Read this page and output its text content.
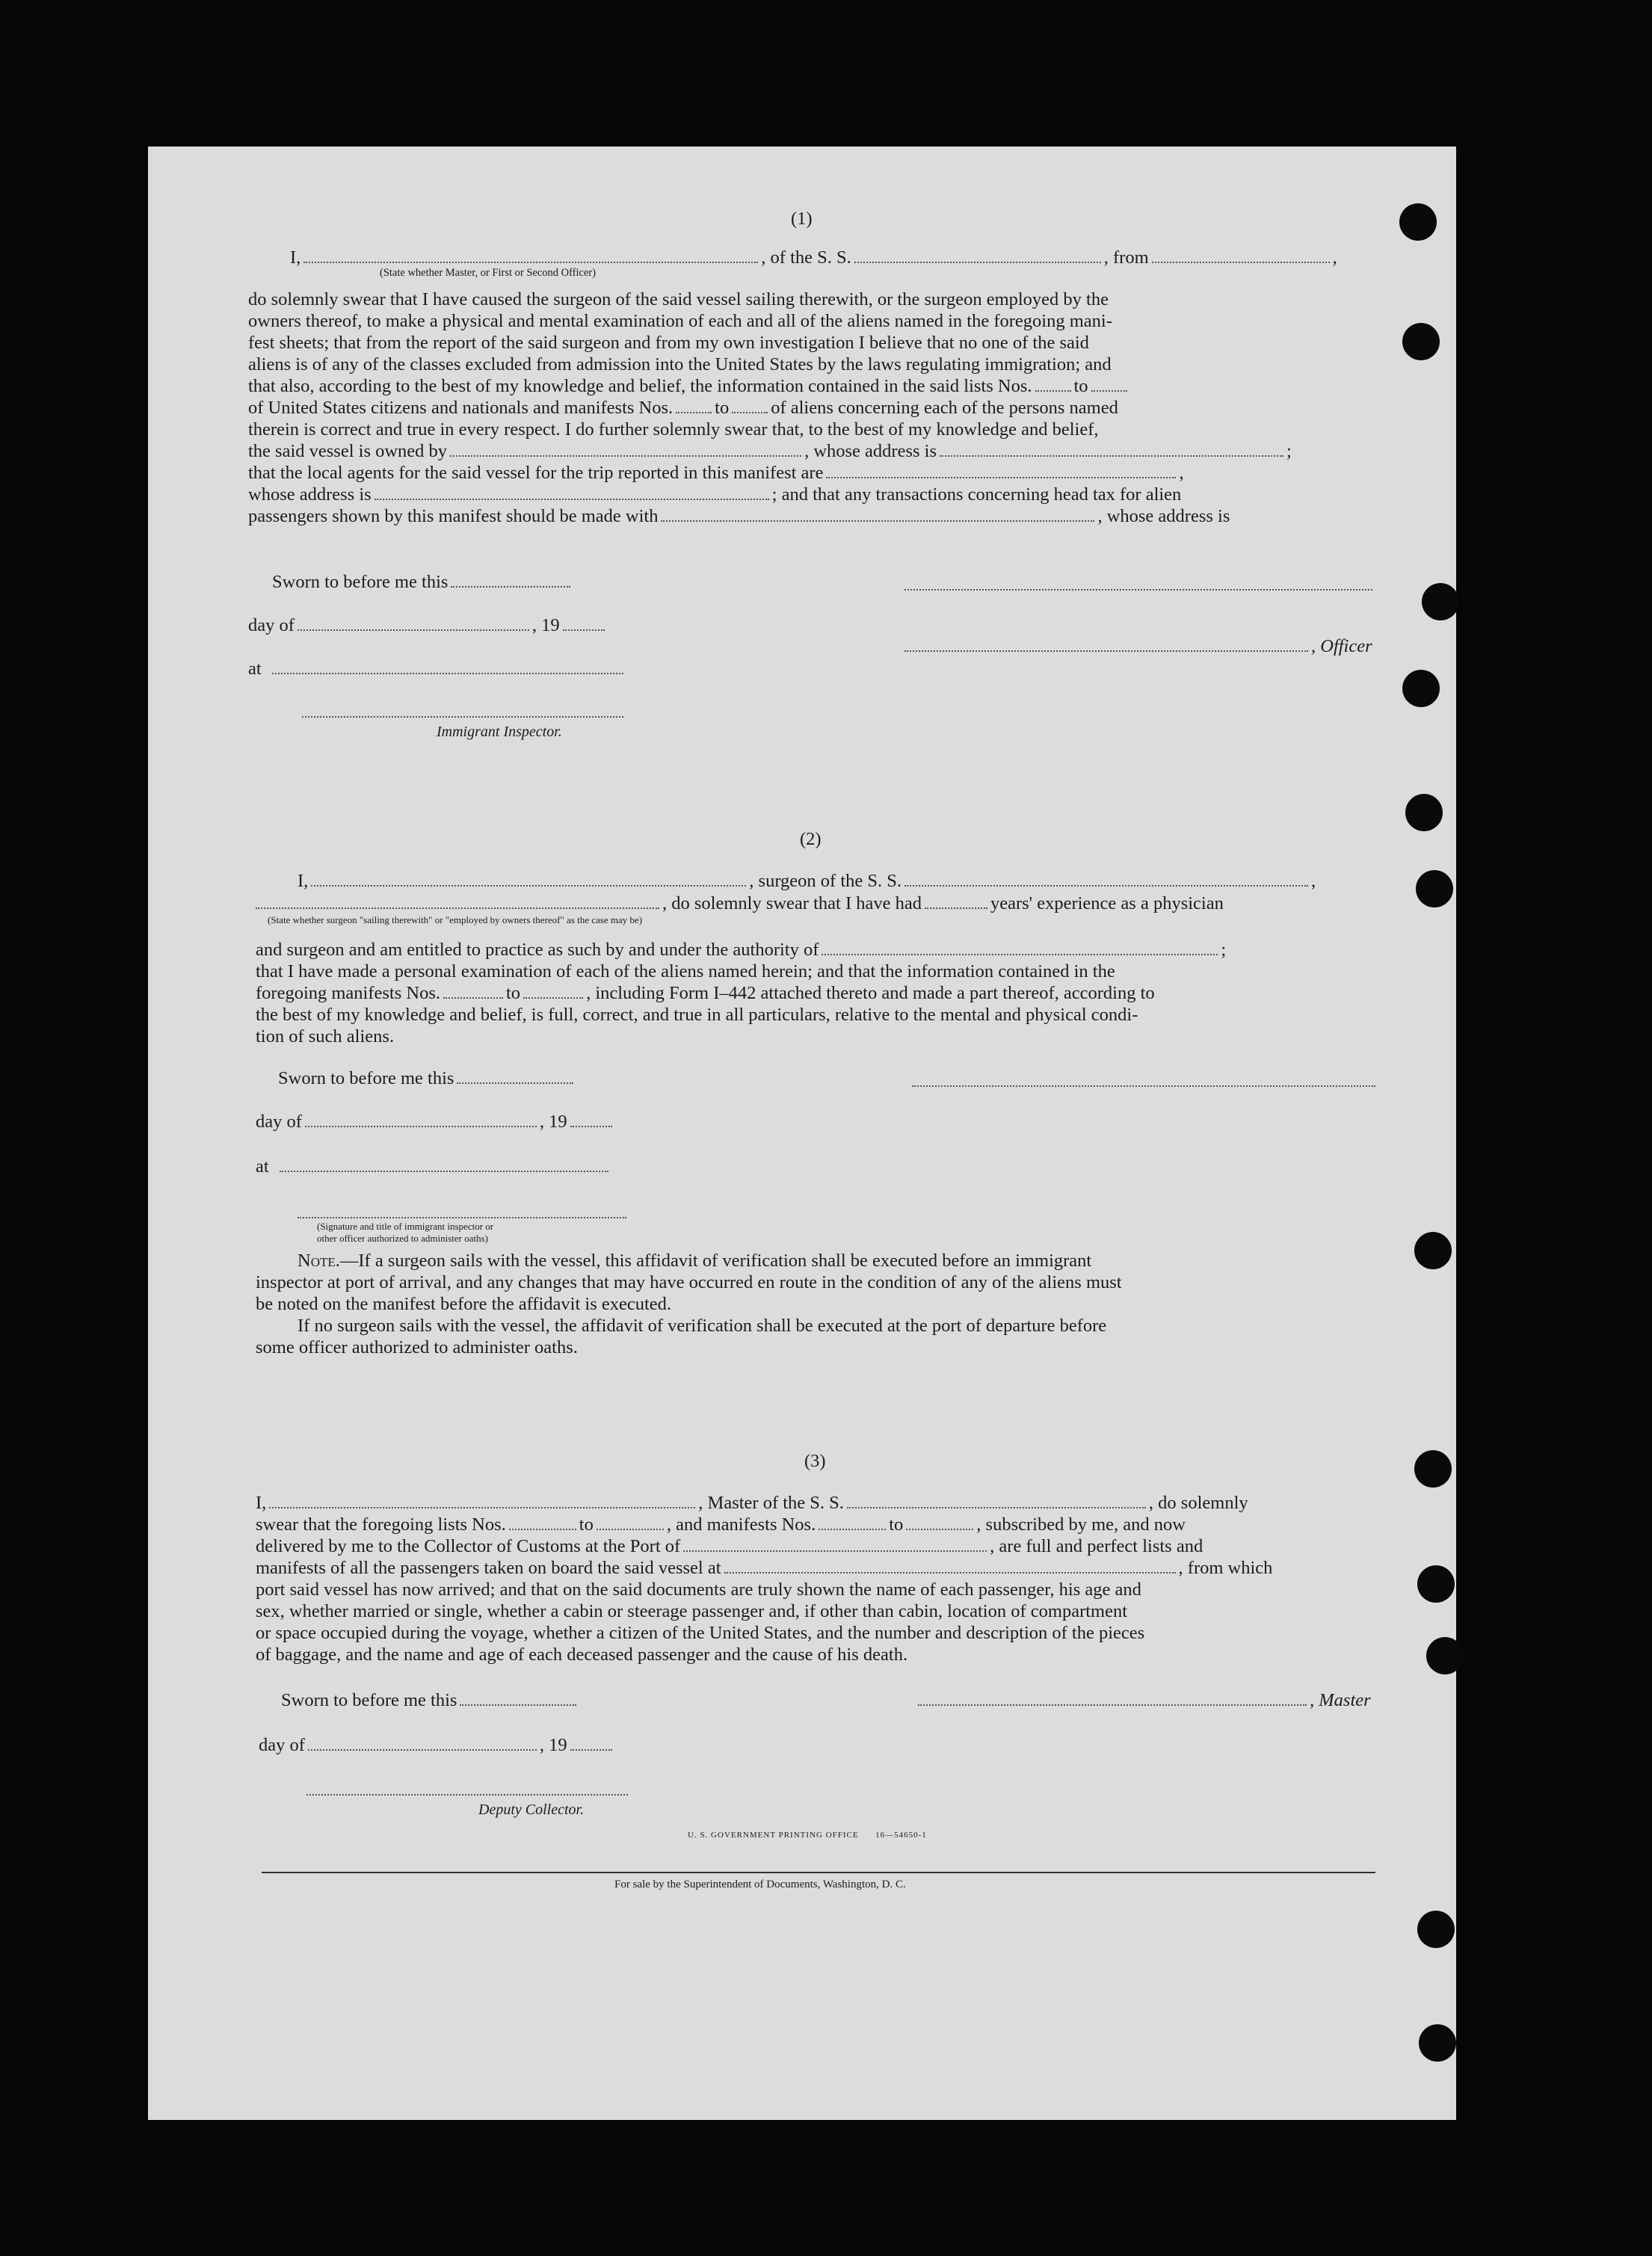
(1)
I,	, of the S. S.	, from	,
(State whether Master, or First or Second Officer)
do solemnly swear that I have caused the surgeon of the said vessel sailing therewith, or the surgeon employed by the
owners thereof, to make a physical and mental examination of each and all of the aliens named in the foregoing mani-
fest sheets; that from the report of the said surgeon and from my own investigation I believe that no one of the said
aliens is of any of the classes excluded from admission into the United States by the laws regulating immigration; and
that also, according to the best of my knowledge and belief, the information contained in the said lists Nos. to
of United States citizens and nationals and manifests Nos. to of aliens concerning each of the persons named
therein is correct and true in every respect. I do further solemnly swear that, to the best of my knowledge and belief,
the said vessel is owned by	, whose address is	;
that the local agents for the said vessel for the trip reported in this manifest are	,
whose address is	; and that any transactions concerning head tax for alien
passengers shown by this manifest should be made with	, whose address is
Sworn to before me this
day of	, 19
, Officer
at
Immigrant Inspector.
(2)
I,	, surgeon of the S. S.	,
, do solemnly swear that I have had	years' experience as a physician
(State whether surgeon "sailing therewith" or "employed by owners thereof" as the case may be)
and surgeon and am entitled to practice as such by and under the authority of	;
that I have made a personal examination of each of the aliens named herein; and that the information contained in the
foregoing manifests Nos.	to	, including Form I–442 attached thereto and made a part thereof, according to
the best of my knowledge and belief, is full, correct, and true in all particulars, relative to the mental and physical condi-
tion of such aliens.
Sworn to before me this
day of	, 19
at
(Signature and title of immigrant inspector or
other officer authorized to administer oaths)
Note.—If a surgeon sails with the vessel, this affidavit of verification shall be executed before an immigrant
inspector at port of arrival, and any changes that may have occurred en route in the condition of any of the aliens must
be noted on the manifest before the affidavit is executed.
If no surgeon sails with the vessel, the affidavit of verification shall be executed at the port of departure before
some officer authorized to administer oaths.
(3)
I,	, Master of the S. S.	, do solemnly
swear that the foregoing lists Nos.	to	, and manifests Nos.	to	, subscribed by me, and now
delivered by me to the Collector of Customs at the Port of	, are full and perfect lists and
manifests of all the passengers taken on board the said vessel at	, from which
port said vessel has now arrived; and that on the said documents are truly shown the name of each passenger, his age and
sex, whether married or single, whether a cabin or steerage passenger and, if other than cabin, location of compartment
or space occupied during the voyage, whether a citizen of the United States, and the number and description of the pieces
of baggage, and the name and age of each deceased passenger and the cause of his death.
Sworn to before me this	, Master
day of	, 19
Deputy Collector.
U. S. GOVERNMENT PRINTING OFFICE 16—54650-1
For sale by the Superintendent of Documents, Washington, D. C.
